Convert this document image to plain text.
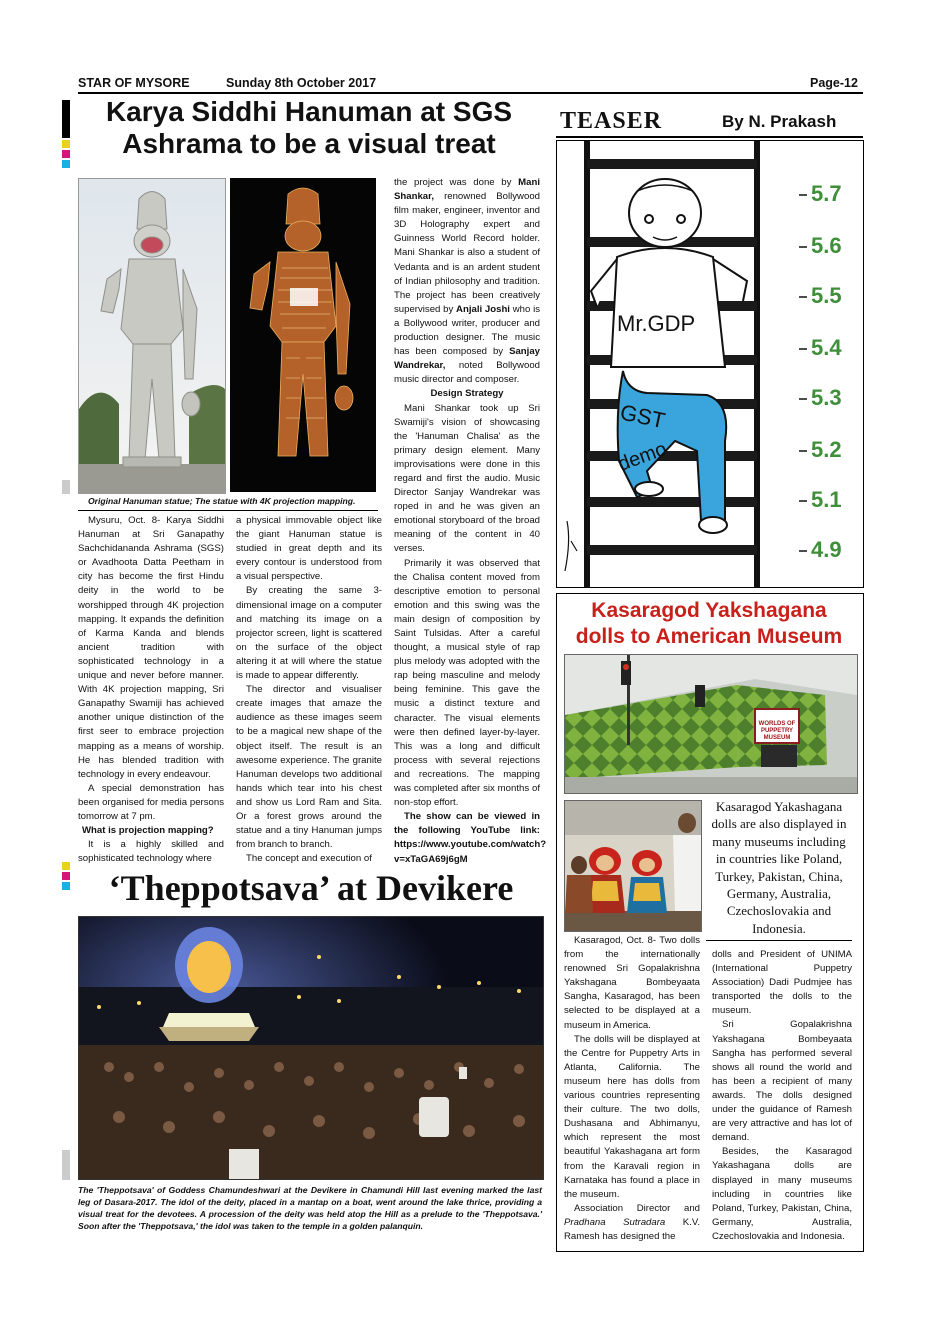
STAR OF MYSORE	Sunday 8th October 2017	Page-12
Karya Siddhi Hanuman at SGS
Ashrama to be a visual treat
Original Hanuman statue; The statue with 4K projection mapping.

Mysuru, Oct. 8- Karya Siddhi Hanuman at Sri Ganapathy Sachchidananda Ashrama (SGS) or Avadhoota Datta Peetham in city has become the first Hindu deity in the world to be worshipped through 4K projection mapping. It expands the definition of Karma Kanda and blends ancient tradition with sophisticated technology in a unique and never before manner. With 4K projection mapping, Sri Ganapathy Swamiji has achieved another unique distinction of the first seer to embrace projection mapping as a means of worship. He has blended tradition with technology in every endeavour.

A special demonstration has been organised for media persons tomorrow at 7 pm.

What is projection mapping?

It is a highly skilled and sophisticated technology where

a physical immovable object like the giant Hanuman statue is studied in great depth and its every contour is understood from a visual perspective.

By creating the same 3-dimensional image on a computer and matching its image on a projector screen, light is scattered on the surface of the object altering it at will where the statue is made to appear differently.

The director and visualiser create images that amaze the audience as these images seem to be a magical new shape of the object itself. The result is an awesome experience. The granite Hanuman develops two additional hands which tear into his chest and show us Lord Ram and Sita. Or a forest grows around the statue and a tiny Hanuman jumps from branch to branch.

The concept and execution of

the project was done by Mani Shankar, renowned Bollywood film maker, engineer, inventor and 3D Holography expert and Guinness World Record holder. Mani Shankar is also a student of Vedanta and is an ardent student of Indian philosophy and tradition. The project has been creatively supervised by Anjali Joshi who is a Bollywood writer, producer and production designer. The music has been composed by Sanjay Wandrekar, noted Bollywood music director and composer.

Design Strategy

Mani Shankar took up Sri Swamiji's vision of showcasing the 'Hanuman Chalisa' as the primary design element. Many improvisations were done in this regard and first the audio. Music Director Sanjay Wandrekar was roped in and he was given an emotional storyboard of the broad meaning of the content in 40 verses.

Primarily it was observed that the Chalisa content moved from descriptive emotion to personal emotion and this swing was the main design of composition by Saint Tulsidas. After a careful thought, a musical style of rap plus melody was adopted with the rap being masculine and melody being feminine. This gave the music a distinct texture and character. The visual elements were then defined layer-by-layer. This was a long and difficult process with several rejections and recreations. The mapping was completed after six months of non-stop effort.

The show can be viewed in the following YouTube link: https://www.youtube.com/watch?v=xTaGA69j6gM

TEASER	By N. Prakash
Mr.GDP
GST
demo
5.7
5.6
5.5
5.4
5.3
5.2
5.1
4.9
Kasaragod Yakshagana
dolls to American Museum
WORLDS OF PUPPETRY MUSEUM
Kasaragod Yakashagana dolls are also displayed in many museums including in countries like Poland, Turkey, Pakistan, China, Germany, Australia, Czechoslovakia and Indonesia.

Kasaragod, Oct. 8- Two dolls from the internationally renowned Sri Gopalakrishna Yakshagana Bombeyaata Sangha, Kasaragod, has been selected to be displayed at a museum in America.

The dolls will be displayed at the Centre for Puppetry Arts in Atlanta, California. The museum here has dolls from various countries representing their culture. The two dolls, Dushasana and Abhimanyu, which represent the most beautiful Yakashagana art form from the Karavali region in Karnataka has found a place in the museum.

Association Director and Pradhana Sutradara K.V. Ramesh has designed the

dolls and President of UNIMA (International Puppetry Association) Dadi Pudmjee has transported the dolls to the museum.

Sri Gopalakrishna Yakshagana Bombeyaata Sangha has performed several shows all round the world and has been a recipient of many awards. The dolls designed under the guidance of Ramesh are very attractive and has lot of demand.

Besides, the Kasaragod Yakashagana dolls are displayed in many museums including in countries like Poland, Turkey, Pakistan, China, Germany, Australia, Czechoslovakia and Indonesia.

‘Theppotsava’ at Devikere
The 'Theppotsava' of Goddess Chamundeshwari at the Devikere in Chamundi Hill last evening marked the last leg of Dasara-2017. The idol of the deity, placed in a mantap on a boat, went around the lake thrice, providing a visual treat for the devotees. A procession of the deity was held atop the Hill as a prelude to the 'Theppotsava.' Soon after the 'Theppotsava,' the idol was taken to the temple in a golden palanquin.
